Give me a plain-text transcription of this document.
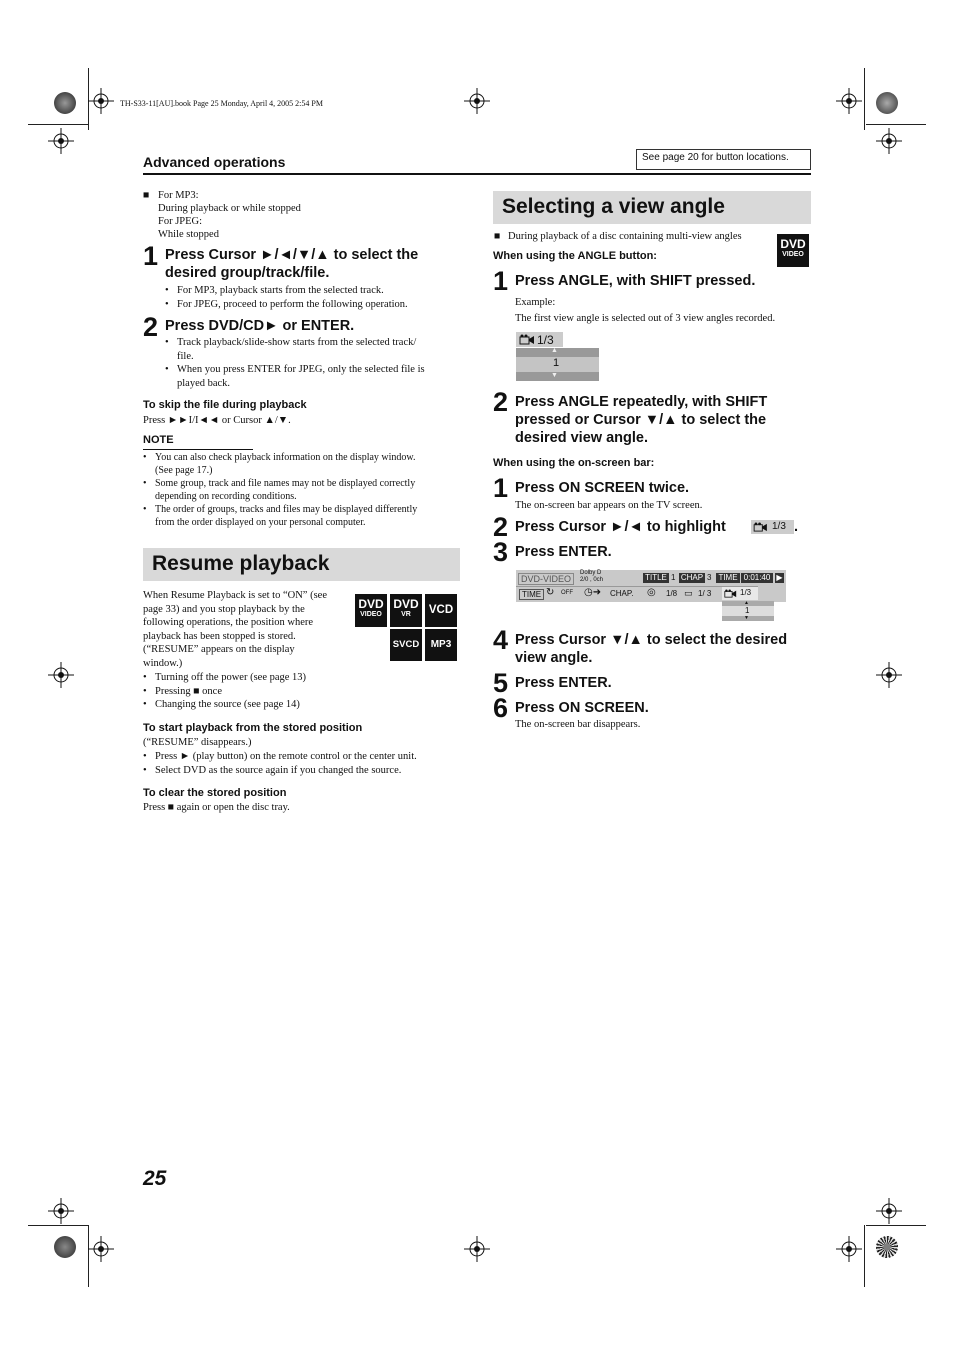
TH-S33-11[AU].book Page 25 Monday, April 4, 2005 2:54 PM
Advanced operations	See page 20 for button locations.
■ For MP3:
During playback or while stopped
For JPEG:
While stopped
1 Press Cursor ►/◄/▼/▲ to select the
desired group/track/file.
• For MP3, playback starts from the selected track.
• For JPEG, proceed to perform the following operation.
2 Press DVD/CD► or ENTER.
• Track playback/slide-show starts from the selected track/
file.
• When you press ENTER for JPEG, only the selected file is
played back.
To skip the file during playback
Press ►►I/I◄◄ or Cursor ▲/▼.
NOTE
• You can also check playback information on the display window.
(See page 17.)
• Some group, track and file names may not be displayed correctly
depending on recording conditions.
• The order of groups, tracks and files may be displayed differently
from the order displayed on your personal computer.
Resume playback
When Resume Playback is set to “ON” (see
page 33) and you stop playback by the
following operations, the position where
playback has been stopped is stored.
(“RESUME” appears on the display
window.)
DVD
VIDEO
DVD
VR	VCD
SVCD	MP3
• Turning off the power (see page 13)
• Pressing ■ once
• Changing the source (see page 14)
To start playback from the stored position
(“RESUME” disappears.)
• Press ► (play button) on the remote control or the center unit.
• Select DVD as the source again if you changed the source.
To clear the stored position
Press ■ again or open the disc tray.
Selecting a view angle
■ During playback of a disc containing multi-view angles
DVD
VIDEO
When using the ANGLE button:
1 Press ANGLE, with SHIFT pressed.
Example:
The first view angle is selected out of 3 view angles recorded.
1/3
▲
1
▼
2 Press ANGLE repeatedly, with SHIFT
pressed or Cursor ▼/▲ to select the
desired view angle.
When using the on-screen bar:
1 Press ON SCREEN twice.
The on-screen bar appears on the TV screen.
2 Press Cursor ►/◄ to highlight	1/3 .
3 Press ENTER.
DVD-VIDEO
Dolby D
2/0 , 0ch	TITLE 1 CHAP 3 TIME 0:01:40 ▶
TIME ↻ OFF ◷➜ CHAP. ◎ 1/8 ▭ 1/ 3	1/3
▲
1
▼
4 Press Cursor ▼/▲ to select the desired
view angle.
5 Press ENTER.
6 Press ON SCREEN.
The on-screen bar disappears.
25
